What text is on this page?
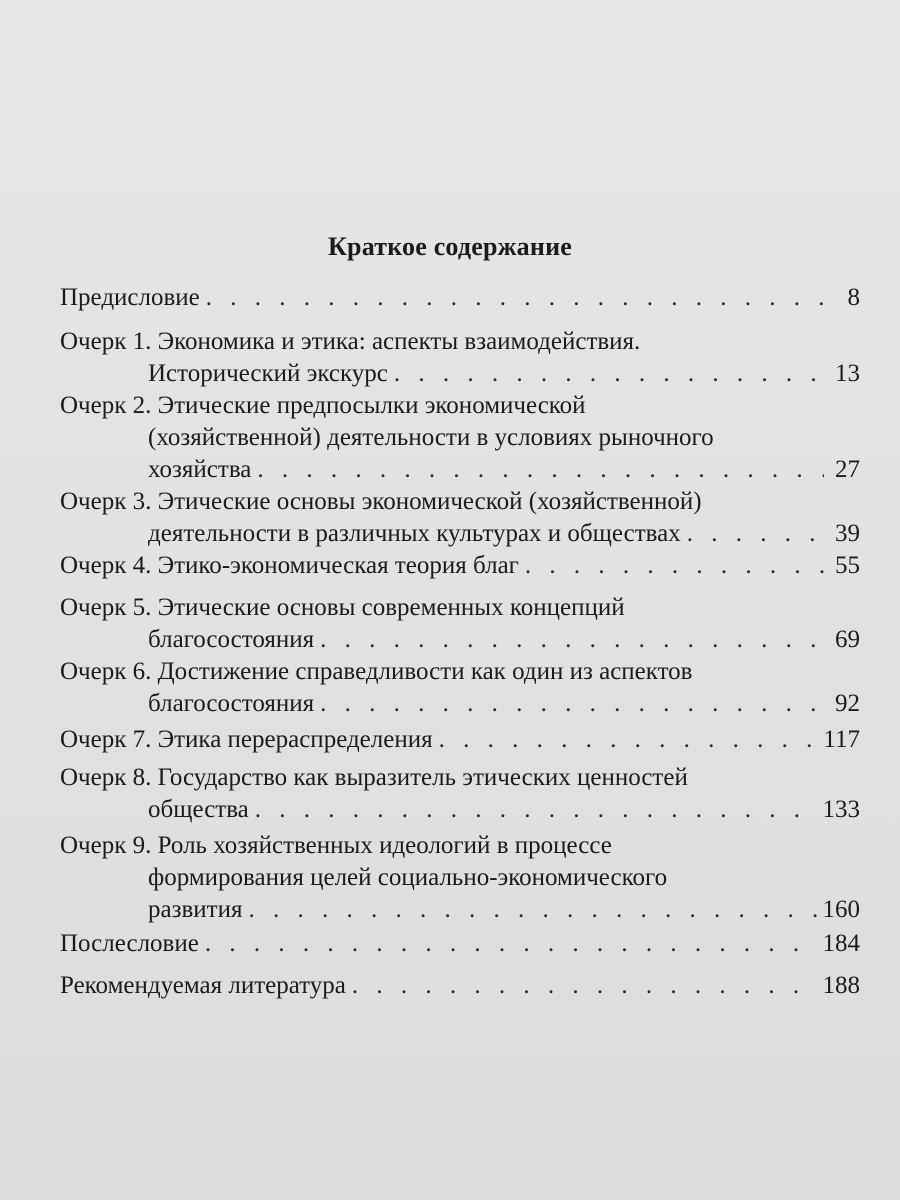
Краткое содержание
Предисловие . . .	8
Очерк 1. Экономика и этика: аспекты взаимодействия.
Исторический экскурс . . .	13
Очерк 2. Этические предпосылки экономической
(хозяйственной) деятельности в условиях рыночного
хозяйства . . .	27
Очерк 3. Этические основы экономической (хозяйственной)
деятельности в различных культурах и обществах . . .	39
Очерк 4. Этико-экономическая теория благ . . .	55
Очерк 5. Этические основы современных концепций
благосостояния . . .	69
Очерк 6. Достижение справедливости как один из аспектов
благосостояния . . .	92
Очерк 7. Этика перераспределения . . .	117
Очерк 8. Государство как выразитель этических ценностей
общества . . .	133
Очерк 9. Роль хозяйственных идеологий в процессе
формирования целей социально-экономического
развития . . .	160
Послесловие . . .	184
Рекомендуемая литература . . .	188
